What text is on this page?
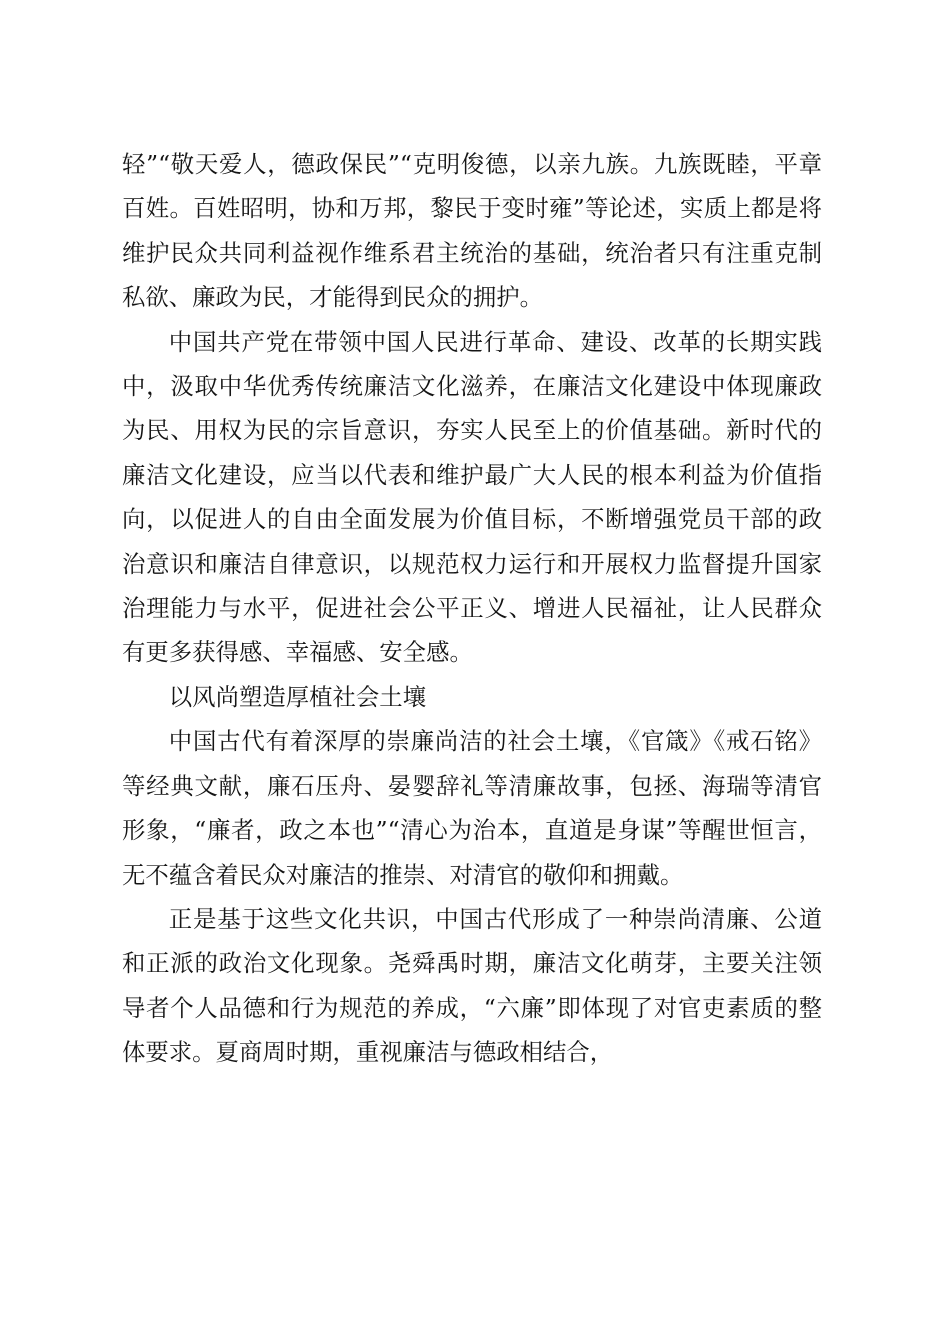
轻”“敬天爱人，德政保民”“克明俊德，以亲九族。九族既睦，平章百姓。百姓昭明，协和万邦，黎民于变时雍”等论述，实质上都是将维护民众共同利益视作维系君主统治的基础，统治者只有注重克制私欲、廉政为民，才能得到民众的拥护。

中国共产党在带领中国人民进行革命、建设、改革的长期实践中，汲取中华优秀传统廉洁文化滋养，在廉洁文化建设中体现廉政为民、用权为民的宗旨意识，夯实人民至上的价值基础。新时代的廉洁文化建设，应当以代表和维护最广大人民的根本利益为价值指向，以促进人的自由全面发展为价值目标，不断增强党员干部的政治意识和廉洁自律意识，以规范权力运行和开展权力监督提升国家治理能力与水平，促进社会公平正义、增进人民福祉，让人民群众有更多获得感、幸福感、安全感。

以风尚塑造厚植社会土壤

中国古代有着深厚的崇廉尚洁的社会土壤，《官箴》《戒石铭》等经典文献，廉石压舟、晏婴辞礼等清廉故事，包拯、海瑞等清官形象，“廉者，政之本也”“清心为治本，直道是身谋”等醒世恒言，无不蕴含着民众对廉洁的推崇、对清官的敬仰和拥戴。

正是基于这些文化共识，中国古代形成了一种崇尚清廉、公道和正派的政治文化现象。尧舜禹时期，廉洁文化萌芽，主要关注领导者个人品德和行为规范的养成，“六廉”即体现了对官吏素质的整体要求。夏商周时期，重视廉洁与德政相结合，
